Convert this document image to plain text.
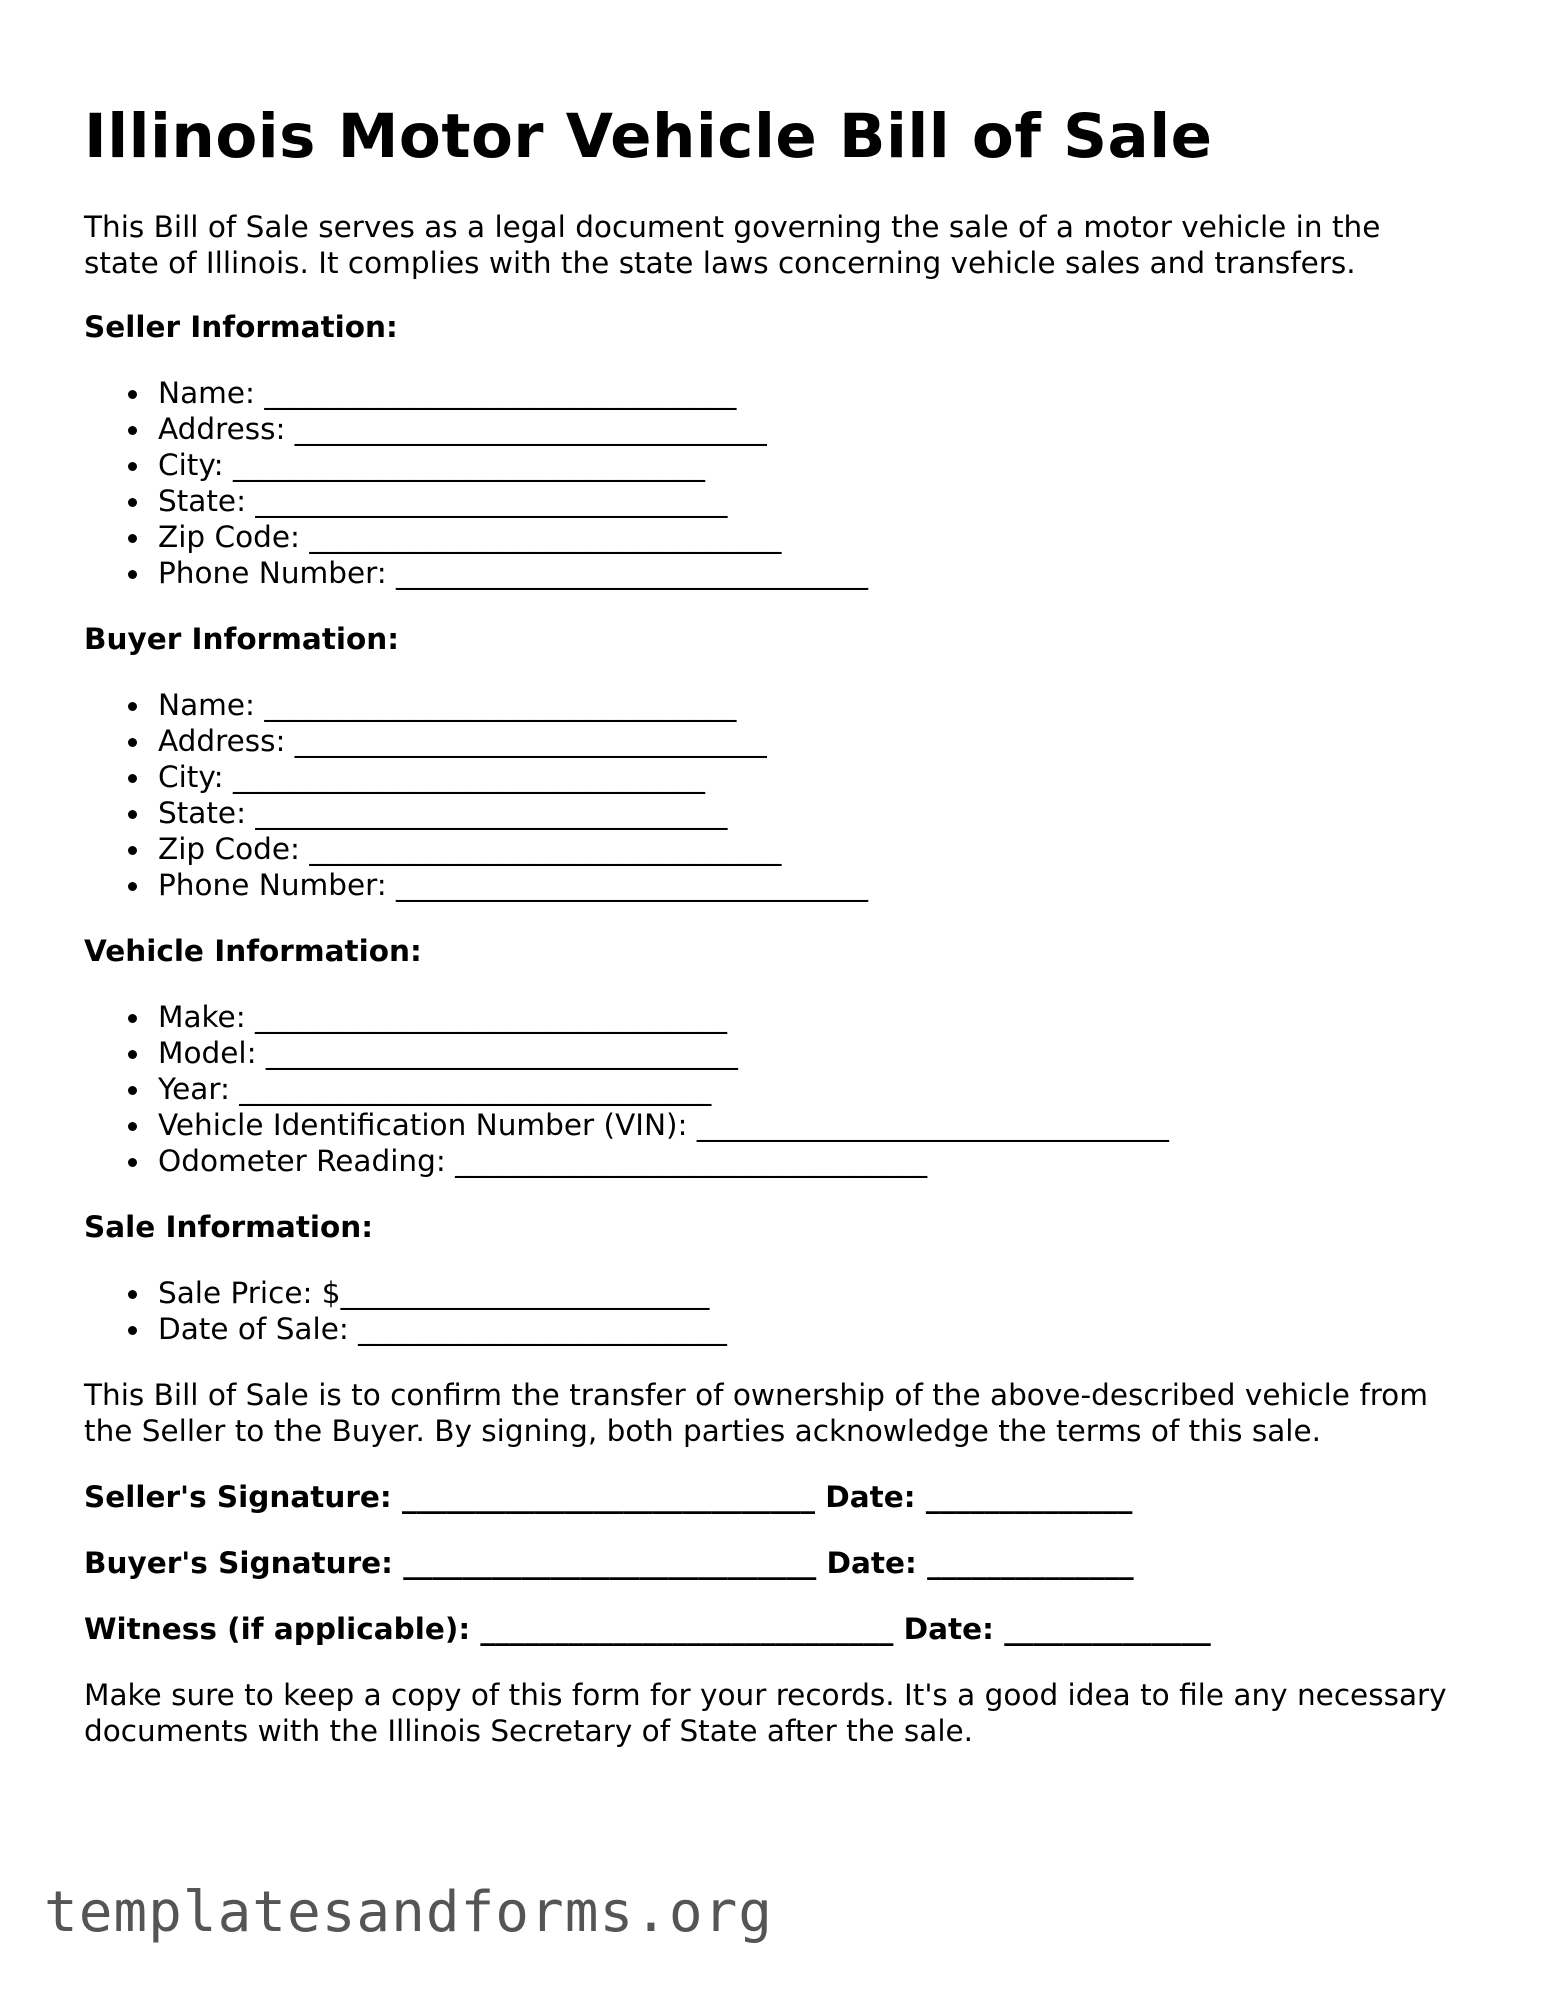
Illinois Motor Vehicle Bill of Sale

This Bill of Sale serves as a legal document governing the sale of a motor vehicle in the state of Illinois. It complies with the state laws concerning vehicle sales and transfers.

Seller Information:
Name: ________________________________
Address: ________________________________
City: ________________________________
State: ________________________________
Zip Code: ________________________________
Phone Number: ________________________________
Buyer Information:
Name: ________________________________
Address: ________________________________
City: ________________________________
State: ________________________________
Zip Code: ________________________________
Phone Number: ________________________________
Vehicle Information:
Make: ________________________________
Model: ________________________________
Year: ________________________________
Vehicle Identification Number (VIN): ________________________________
Odometer Reading: ________________________________
Sale Information:
Sale Price: $_________________________
Date of Sale: _________________________

This Bill of Sale is to confirm the transfer of ownership of the above-described vehicle from the Seller to the Buyer. By signing, both parties acknowledge the terms of this sale.

Seller's Signature: ____________________________ Date: ______________
Buyer's Signature: ____________________________ Date: ______________
Witness (if applicable): ____________________________ Date: ______________

Make sure to keep a copy of this form for your records. It's a good idea to file any necessary documents with the Illinois Secretary of State after the sale.

templatesandforms.org
